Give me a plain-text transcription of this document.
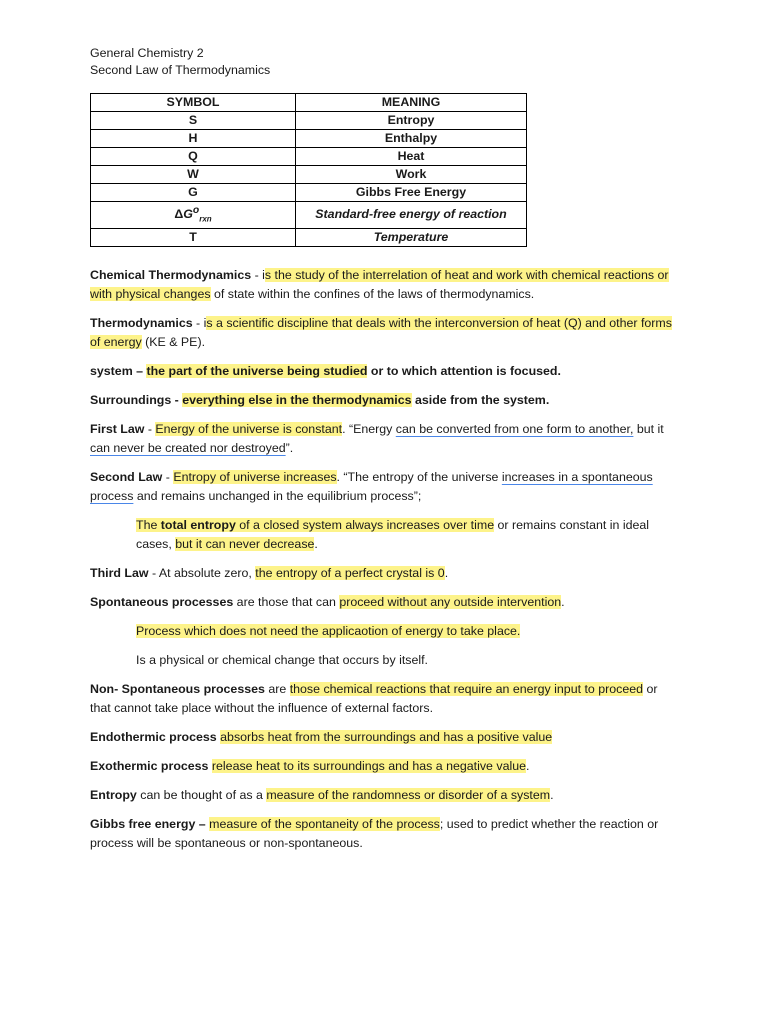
General Chemistry 2
Second Law of Thermodynamics
SYMBOL	MEANING
S	Entropy
H	Enthalpy
Q	Heat
W	Work
G	Gibbs Free Energy
$\Delta G^o_{rxn}$	Standard-free energy of reaction
T	Temperature

Chemical Thermodynamics - is the study of the interrelation of heat and work with chemical reactions or with physical changes of state within the confines of the laws of thermodynamics.

Thermodynamics - is a scientific discipline that deals with the interconversion of heat (Q) and other forms of energy (KE & PE).

system – the part of the universe being studied or to which attention is focused.

Surroundings - everything else in the thermodynamics aside from the system.

First Law - Energy of the universe is constant. “Energy can be converted from one form to another, but it can never be created nor destroyed”.

Second Law - Entropy of universe increases. “The entropy of the universe increases in a spontaneous process and remains unchanged in the equilibrium process”;

The total entropy of a closed system always increases over time or remains constant in ideal cases, but it can never decrease.

Third Law - At absolute zero, the entropy of a perfect crystal is 0.

Spontaneous processes are those that can proceed without any outside intervention.

Process which does not need the applicaotion of energy to take place.

Is a physical or chemical change that occurs by itself.

Non- Spontaneous processes are those chemical reactions that require an energy input to proceed or that cannot take place without the influence of external factors.

Endothermic process absorbs heat from the surroundings and has a positive value

Exothermic process release heat to its surroundings and has a negative value.

Entropy can be thought of as a measure of the randomness or disorder of a system.

Gibbs free energy – measure of the spontaneity of the process; used to predict whether the reaction or process will be spontaneous or non-spontaneous.
